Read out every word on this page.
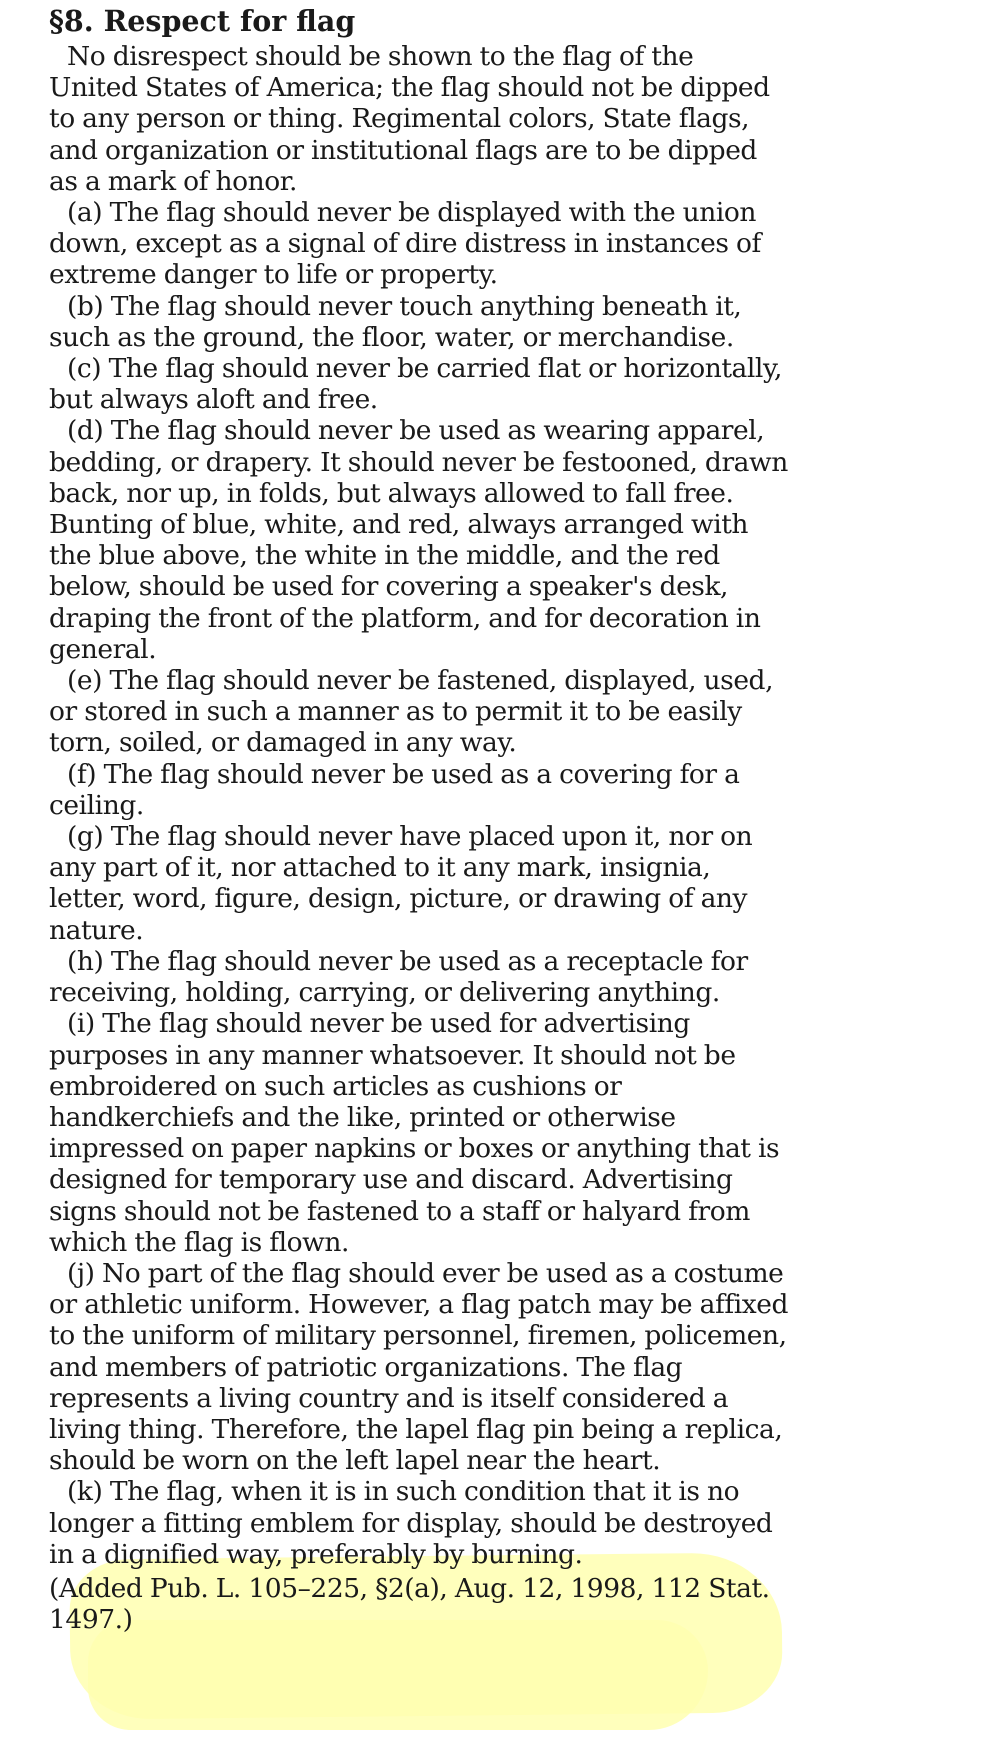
§8. Respect for flag

No disrespect should be shown to the flag of the United States of America; the flag should not be dipped to any person or thing. Regimental colors, State flags, and organization or institutional flags are to be dipped as a mark of honor.

(a) The flag should never be displayed with the union down, except as a signal of dire distress in instances of extreme danger to life or property.

(b) The flag should never touch anything beneath it, such as the ground, the floor, water, or merchandise.

(c) The flag should never be carried flat or horizontally, but always aloft and free.

(d) The flag should never be used as wearing apparel, bedding, or drapery. It should never be festooned, drawn back, nor up, in folds, but always allowed to fall free. Bunting of blue, white, and red, always arranged with the blue above, the white in the middle, and the red below, should be used for covering a speaker's desk, draping the front of the platform, and for decoration in general.

(e) The flag should never be fastened, displayed, used, or stored in such a manner as to permit it to be easily torn, soiled, or damaged in any way.

(f) The flag should never be used as a covering for a ceiling.

(g) The flag should never have placed upon it, nor on any part of it, nor attached to it any mark, insignia, letter, word, figure, design, picture, or drawing of any nature.

(h) The flag should never be used as a receptacle for receiving, holding, carrying, or delivering anything.

(i) The flag should never be used for advertising purposes in any manner whatsoever. It should not be embroidered on such articles as cushions or handkerchiefs and the like, printed or otherwise impressed on paper napkins or boxes or anything that is designed for temporary use and discard. Advertising signs should not be fastened to a staff or halyard from which the flag is flown.

(j) No part of the flag should ever be used as a costume or athletic uniform. However, a flag patch may be affixed to the uniform of military personnel, firemen, policemen, and members of patriotic organizations. The flag represents a living country and is itself considered a living thing. Therefore, the lapel flag pin being a replica, should be worn on the left lapel near the heart.

(k) The flag, when it is in such condition that it is no longer a fitting emblem for display, should be destroyed in a dignified way, preferably by burning.

(Added Pub. L. 105–225, §2(a), Aug. 12, 1998, 112 Stat. 1497.)
